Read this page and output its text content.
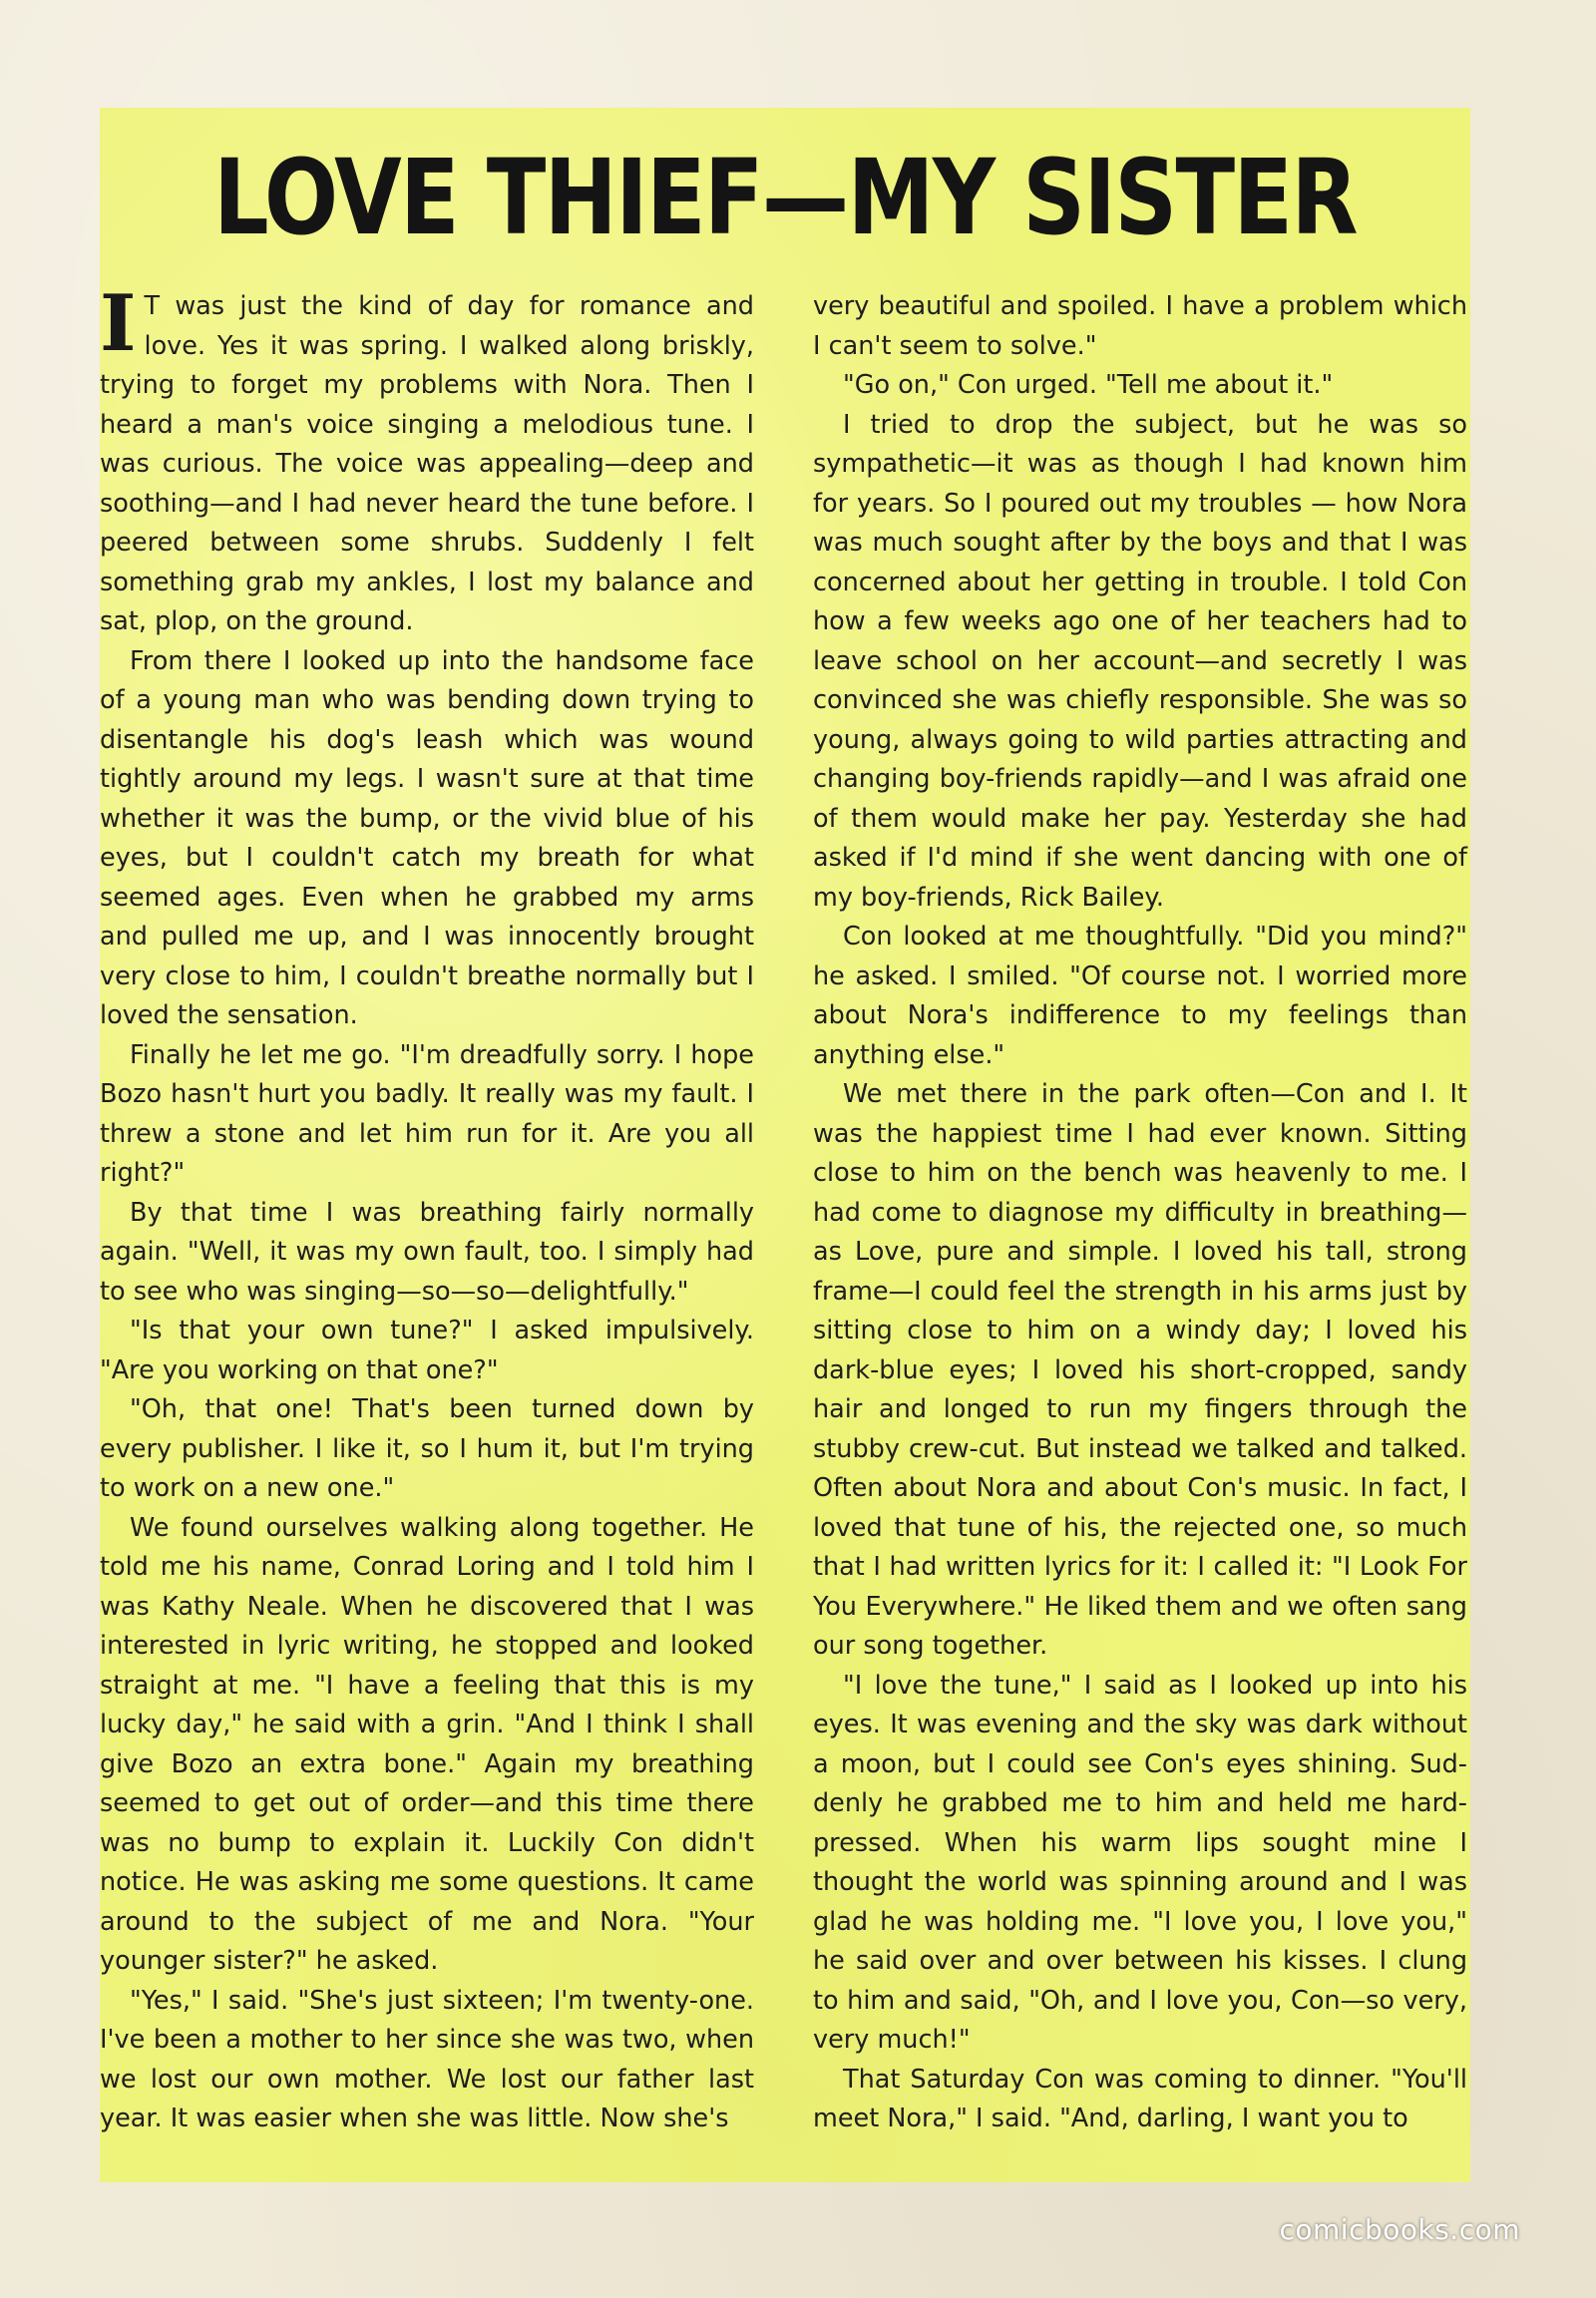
LOVE THIEF—MY SISTER

I T was just the kind of day for romance and love. Yes it was spring. I walked along briskly, trying to forget my problems with Nora. Then I heard a man's voice singing a melodious tune. I was curious. The voice was appealing—deep and soothing—and I had never heard the tune before. I peered between some shrubs. Suddenly I felt something grab my ankles, I lost my balance and sat, plop, on the ground.

From there I looked up into the handsome face of a young man who was bending down trying to disentangle his dog's leash which was wound tightly around my legs. I wasn't sure at that time whether it was the bump, or the vivid blue of his eyes, but I couldn't catch my breath for what seemed ages. Even when he grabbed my arms and pulled me up, and I was innocently brought very close to him, I couldn't breathe normally but I loved the sensation.

Finally he let me go. "I'm dreadfully sorry. I hope Bozo hasn't hurt you badly. It really was my fault. I threw a stone and let him run for it. Are you all right?"

By that time I was breathing fairly normally again. "Well, it was my own fault, too. I simply had to see who was singing—so—so—delightfully."

"Is that your own tune?" I asked impulsively. "Are you working on that one?"

"Oh, that one! That's been turned down by every publisher. I like it, so I hum it, but I'm trying to work on a new one."

We found ourselves walking along together. He told me his name, Conrad Loring and I told him I was Kathy Neale. When he discovered that I was interested in lyric writing, he stopped and looked straight at me. "I have a feeling that this is my lucky day," he said with a grin. "And I think I shall give Bozo an extra bone." Again my breathing seemed to get out of order—and this time there was no bump to explain it. Luckily Con didn't notice. He was asking me some questions. It came around to the subject of me and Nora. "Your younger sister?" he asked.

"Yes," I said. "She's just sixteen; I'm twenty-one. I've been a mother to her since she was two, when we lost our own mother. We lost our father last year. It was easier when she was little. Now she's

very beautiful and spoiled. I have a problem which I can't seem to solve."

"Go on," Con urged. "Tell me about it."

I tried to drop the subject, but he was so sympathetic—it was as though I had known him for years. So I poured out my troubles — how Nora was much sought after by the boys and that I was concerned about her getting in trouble. I told Con how a few weeks ago one of her teachers had to leave school on her account—and secretly I was convinced she was chiefly responsible. She was so young, always going to wild parties attracting and changing boy-friends rapidly—and I was afraid one of them would make her pay. Yesterday she had asked if I'd mind if she went dancing with one of my boy-friends, Rick Bailey.

Con looked at me thoughtfully. "Did you mind?" he asked. I smiled. "Of course not. I worried more about Nora's indifference to my feelings than anything else."

We met there in the park often—Con and I. It was the happiest time I had ever known. Sitting close to him on the bench was heavenly to me. I had come to diagnose my difficulty in breathing—as Love, pure and simple. I loved his tall, strong frame—I could feel the strength in his arms just by sitting close to him on a windy day; I loved his dark-blue eyes; I loved his short-cropped, sandy hair and longed to run my fingers through the stubby crew-cut. But instead we talked and talked. Often about Nora and about Con's music. In fact, I loved that tune of his, the rejected one, so much that I had written lyrics for it: I called it: "I Look For You Everywhere." He liked them and we often sang our song together.

"I love the tune," I said as I looked up into his eyes. It was evening and the sky was dark without a moon, but I could see Con's eyes shining. Suddenly he grabbed me to him and held me hard-pressed. When his warm lips sought mine I thought the world was spinning around and I was glad he was holding me. "I love you, I love you," he said over and over between his kisses. I clung to him and said, "Oh, and I love you, Con—so very, very much!"

That Saturday Con was coming to dinner. "You'll meet Nora," I said. "And, darling, I want you to

comicbooks.com
